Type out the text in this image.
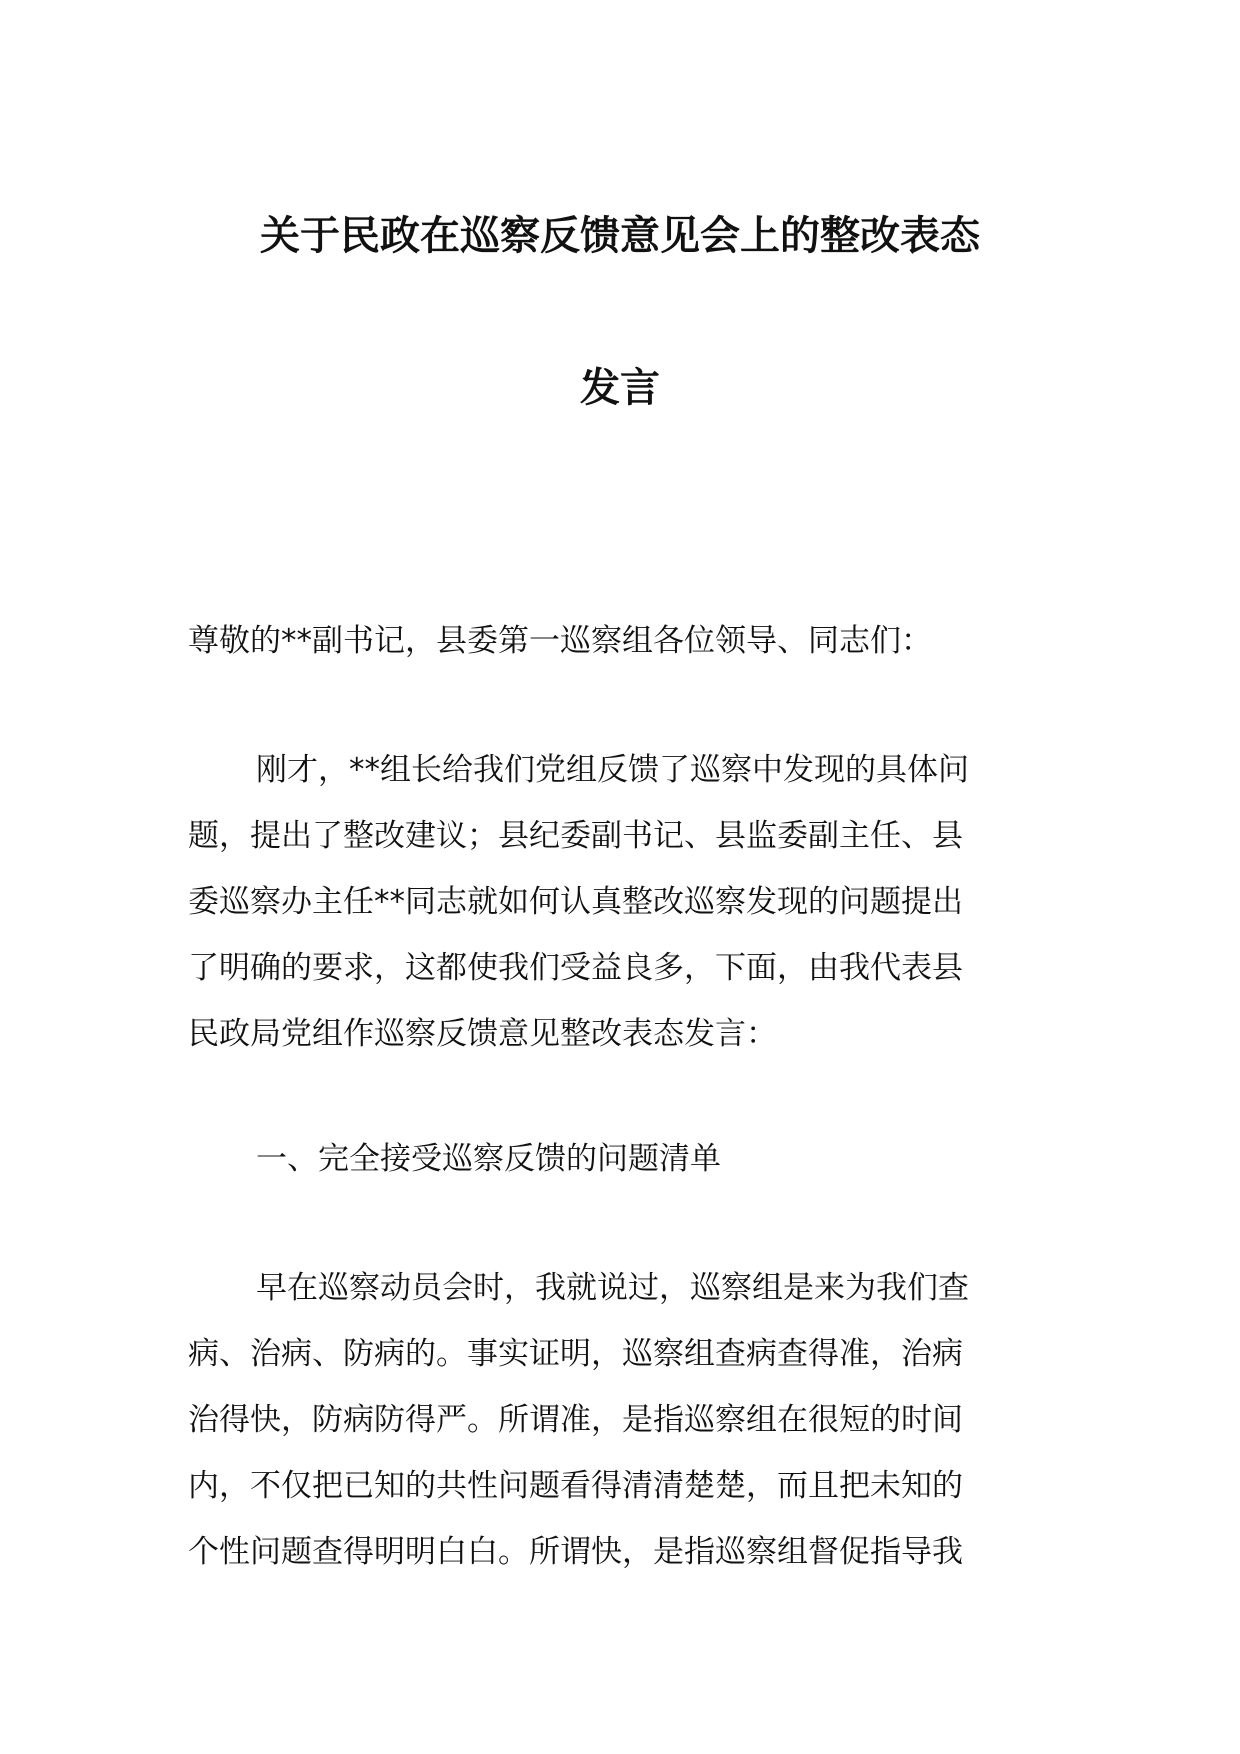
关于民政在巡察反馈意见会上的整改表态
发言

尊敬的**副书记，县委第一巡察组各位领导、同志们：

刚才，**组长给我们党组反馈了巡察中发现的具体问
题，提出了整改建议；县纪委副书记、县监委副主任、县
委巡察办主任**同志就如何认真整改巡察发现的问题提出
了明确的要求，这都使我们受益良多，下面，由我代表县
民政局党组作巡察反馈意见整改表态发言：
一、完全接受巡察反馈的问题清单
早在巡察动员会时，我就说过，巡察组是来为我们查
病、治病、防病的。事实证明，巡察组查病查得准，治病
治得快，防病防得严。所谓准，是指巡察组在很短的时间
内，不仅把已知的共性问题看得清清楚楚，而且把未知的
个性问题查得明明白白。所谓快，是指巡察组督促指导我
